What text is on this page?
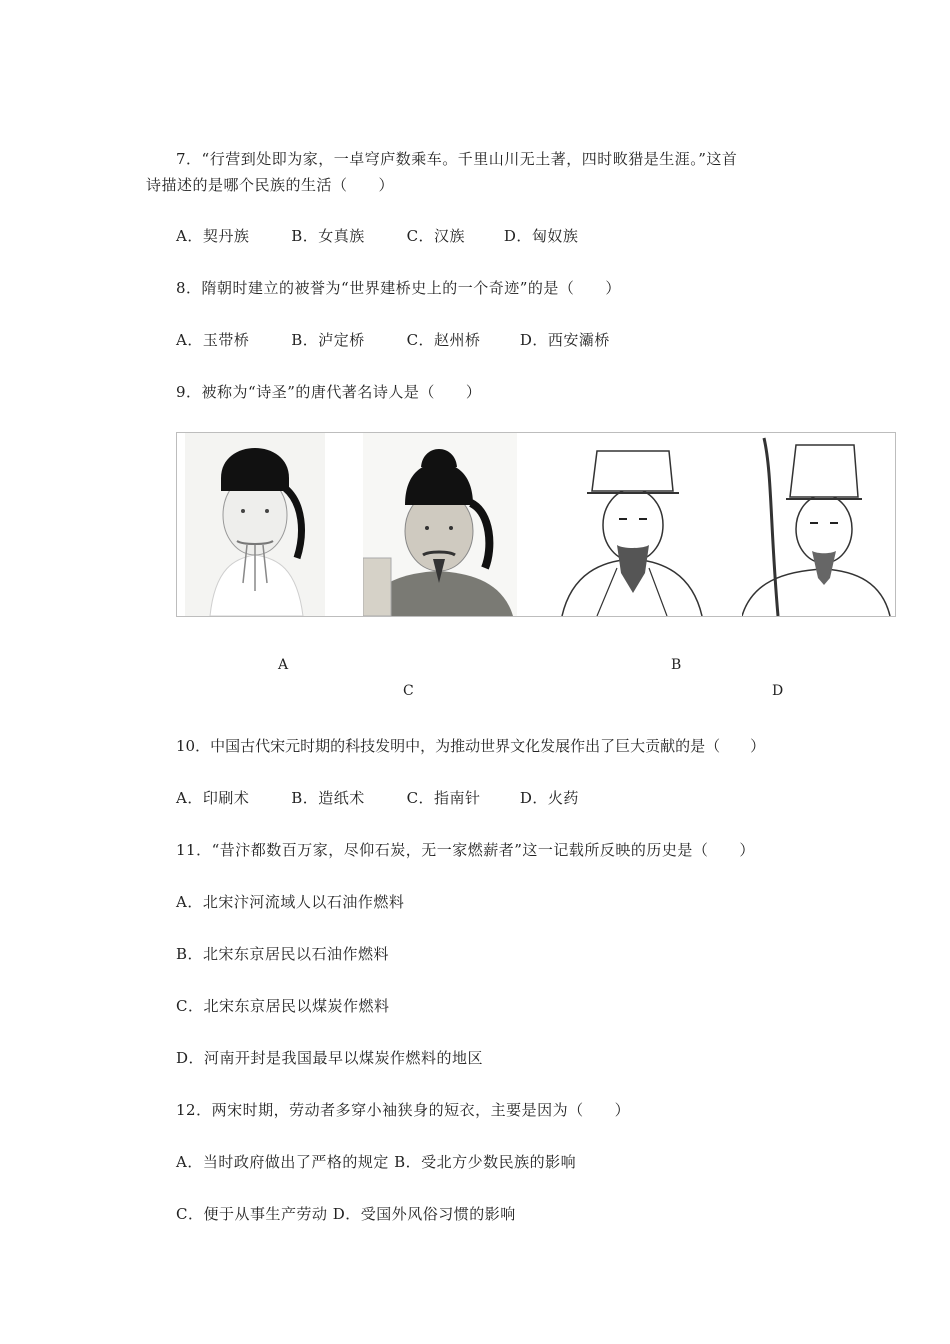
7．“行营到处即为家，一卓穹庐数乘车。千里山川无土著，四时畋猎是生涯。”这首
诗描述的是哪个民族的生活（　　）
A．契丹族	B．女真族	C．汉族	D．匈奴族
8．隋朝时建立的被誉为“世界建桥史上的一个奇迹”的是（　　）
A．玉带桥	B．泸定桥	C．赵州桥	D．西安灞桥
9．被称为“诗圣”的唐代著名诗人是（　　）
A	B
C	D
10．中国古代宋元时期的科技发明中，为推动世界文化发展作出了巨大贡献的是（　　）
A．印刷术	B．造纸术	C．指南针	D．火药
11．“昔汴都数百万家，尽仰石炭，无一家燃薪者”这一记载所反映的历史是（　　）
A．北宋汴河流域人以石油作燃料
B．北宋东京居民以石油作燃料
C．北宋东京居民以煤炭作燃料
D．河南开封是我国最早以煤炭作燃料的地区
12．两宋时期，劳动者多穿小袖狭身的短衣，主要是因为（　　）
A．当时政府做出了严格的规定 B．受北方少数民族的影响
C．便于从事生产劳动 D．受国外风俗习惯的影响
